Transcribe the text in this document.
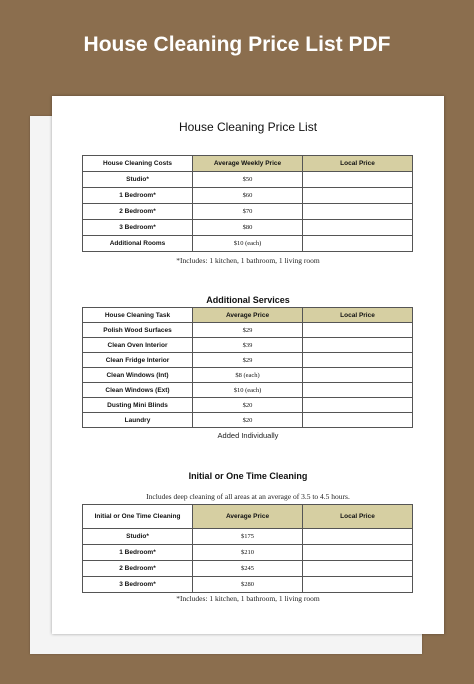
House Cleaning Price List PDF
House Cleaning Price List
House Cleaning Costs	Average Weekly Price	Local Price
Studio*	$50	
1 Bedroom*	$60	
2 Bedroom*	$70	
3 Bedroom*	$80	
Additional Rooms	$10 (each)	
*Includes: 1 kitchen, 1 bathroom, 1 living room
Additional Services
House Cleaning Task	Average Price	Local Price
Polish Wood Surfaces	$29	
Clean Oven Interior	$39	
Clean Fridge Interior	$29	
Clean Windows (Int)	$8 (each)	
Clean Windows (Ext)	$10 (each)	
Dusting Mini Blinds	$20	
Laundry	$20	
Added Individually
Initial or One Time Cleaning
Includes deep cleaning of all areas at an average of 3.5 to 4.5 hours.
Initial or One Time Cleaning	Average Price	Local Price
Studio*	$175	
1 Bedroom*	$210	
2 Bedroom*	$245	
3 Bedroom*	$280	
*Includes: 1 kitchen, 1 bathroom, 1 living room
